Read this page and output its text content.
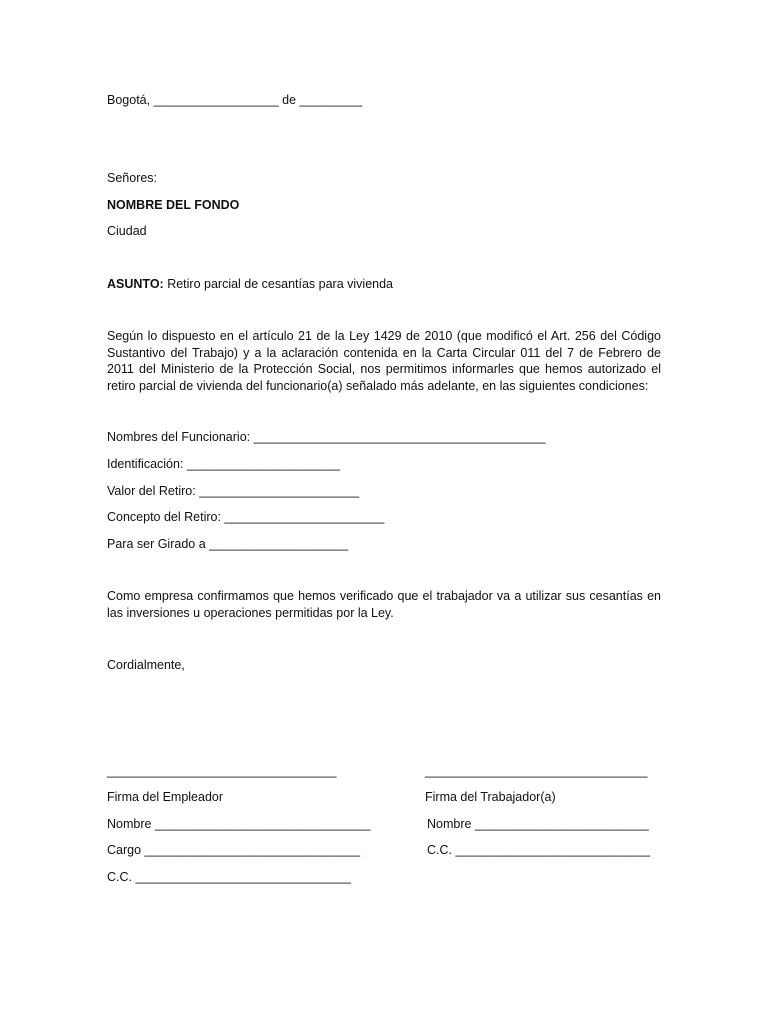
Bogotá, __________________ de _________
Señores:
NOMBRE DEL FONDO
Ciudad
ASUNTO: Retiro parcial de cesantías para vivienda
Según lo dispuesto en el artículo 21 de la Ley 1429 de 2010 (que modificó el Art. 256 del Código Sustantivo del Trabajo) y a la aclaración contenida en la Carta Circular 011 del 7 de Febrero de 2011 del Ministerio de la Protección Social, nos permitimos informarles que hemos autorizado el retiro parcial de vivienda del funcionario(a) señalado más adelante, en las siguientes condiciones:
Nombres del Funcionario: __________________________________________
Identificación: ______________________
Valor del Retiro: _______________________
Concepto del Retiro: _______________________
Para ser Girado a ____________________
Como empresa confirmamos que hemos verificado que el trabajador va a utilizar sus cesantías en las inversiones u operaciones permitidas por la Ley.
Cordialmente,
_________________________________
Firma del Empleador
Nombre _______________________________
Cargo _______________________________
C.C. _______________________________
________________________________
Firma del Trabajador(a)
Nombre _________________________
C.C. ____________________________
